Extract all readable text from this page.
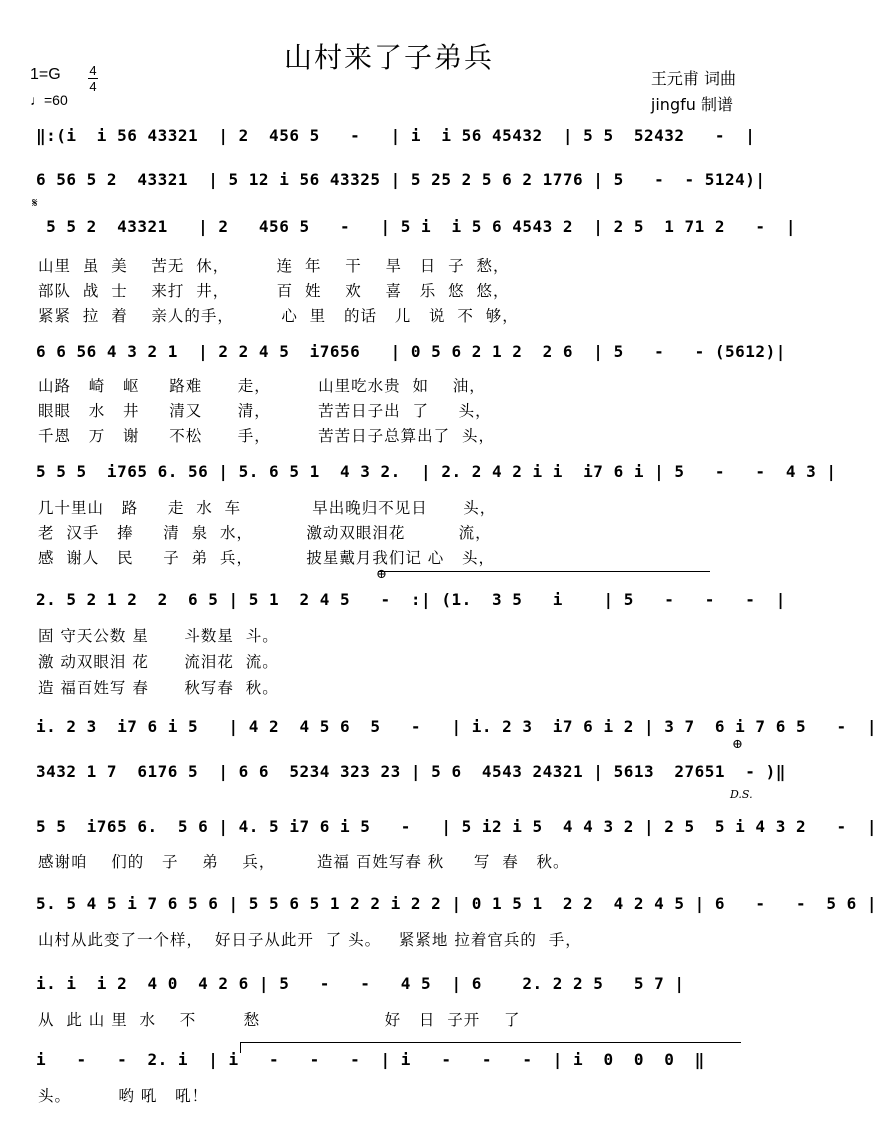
山村来了子弟兵
1=G 4
4
♩=60
王元甫 词曲
jingfu 制谱
‖:(i  i 56 43321  | 2  456 5   -   | i  i 56 45432  | 5 5  52432   -  |
6 56 5 2  43321  | 5 12 i 56 43325 | 5 25 2 5 6 2 1776 | 5   -  - 5124)|
𝄋
5 5 2  43321   | 2   456 5   -   | 5 i  i 5 6 4543 2  | 2 5  1 71 2   -  |
山里  虽  美    苦无  休，        连  年    干    旱   日  子  愁，
部队  战  士    来打  井，        百  姓    欢    喜   乐  悠  悠，
紧紧  拉  着    亲人的手，        心  里   的话   儿   说  不  够，
6 6 56 4 3 2 1  | 2 2 4 5  i7656   | 0 5 6 2 1 2  2 6  | 5   -   - (5612)|
山路   崎   岖     路难      走，        山里吃水贵  如    油，
眼眼   水   井     清又      清，        苦苦日子出  了     头，
千恩   万   谢     不松      手，        苦苦日子总算出了  头，
5 5 5  i765 6. 56 | 5. 6 5 1  4 3 2.  | 2. 2 4 2 i i  i7 6 i | 5   -   -  4 3 |
几十里山   路     走  水  车            早出晚归不见日      头，
老  汉手   捧     清  泉  水，         激动双眼泪花         流，
感  谢人   民     子  弟  兵，         披星戴月我们记 心   头，
⊕
2. 5 2 1 2  2  6 5 | 5 1  2 4 5   -  :| (1.  3 5   i    | 5   -   -   -  |
固 守天公数 星      斗数星  斗。
激 动双眼泪 花      流泪花  流。
造 福百姓写 春      秋写春  秋。
i. 2 3  i7 6 i 5   | 4 2  4 5 6  5   -   | i. 2 3  i7 6 i 2 | 3 7  6 i 7 6 5   -  |
⊕
3432 1 7  6176 5  | 6 6  5234 323 23 | 5 6  4543 24321 | 5613  27651  - )‖
D.S.
5 5  i765 6.  5 6 | 4. 5 i7 6 i 5   -   | 5 i2 i 5  4 4 3 2 | 2 5  5 i 4 3 2   -  |
感谢咱    们的   子    弟    兵，       造福 百姓写春 秋     写  春   秋。
5. 5 4 5 i 7 6 5 6 | 5 5 6 5 1 2 2 i 2 2 | 0 1 5 1  2 2  4 2 4 5 | 6   -   -  5 6 |
山村从此变了一个样，  好日子从此开  了 头。   紧紧地 拉着官兵的  手，
i. i  i 2  4 0  4 2 6 | 5   -   -   4 5  | 6    2. 2 2 5   5 7 |
从  此 山 里  水    不        愁                     好   日  子开    了
i   -   -  2. i  | i   -   -   -  | i   -   -   -  | i  0  0  0  ‖
头。        哟 吼   吼！
